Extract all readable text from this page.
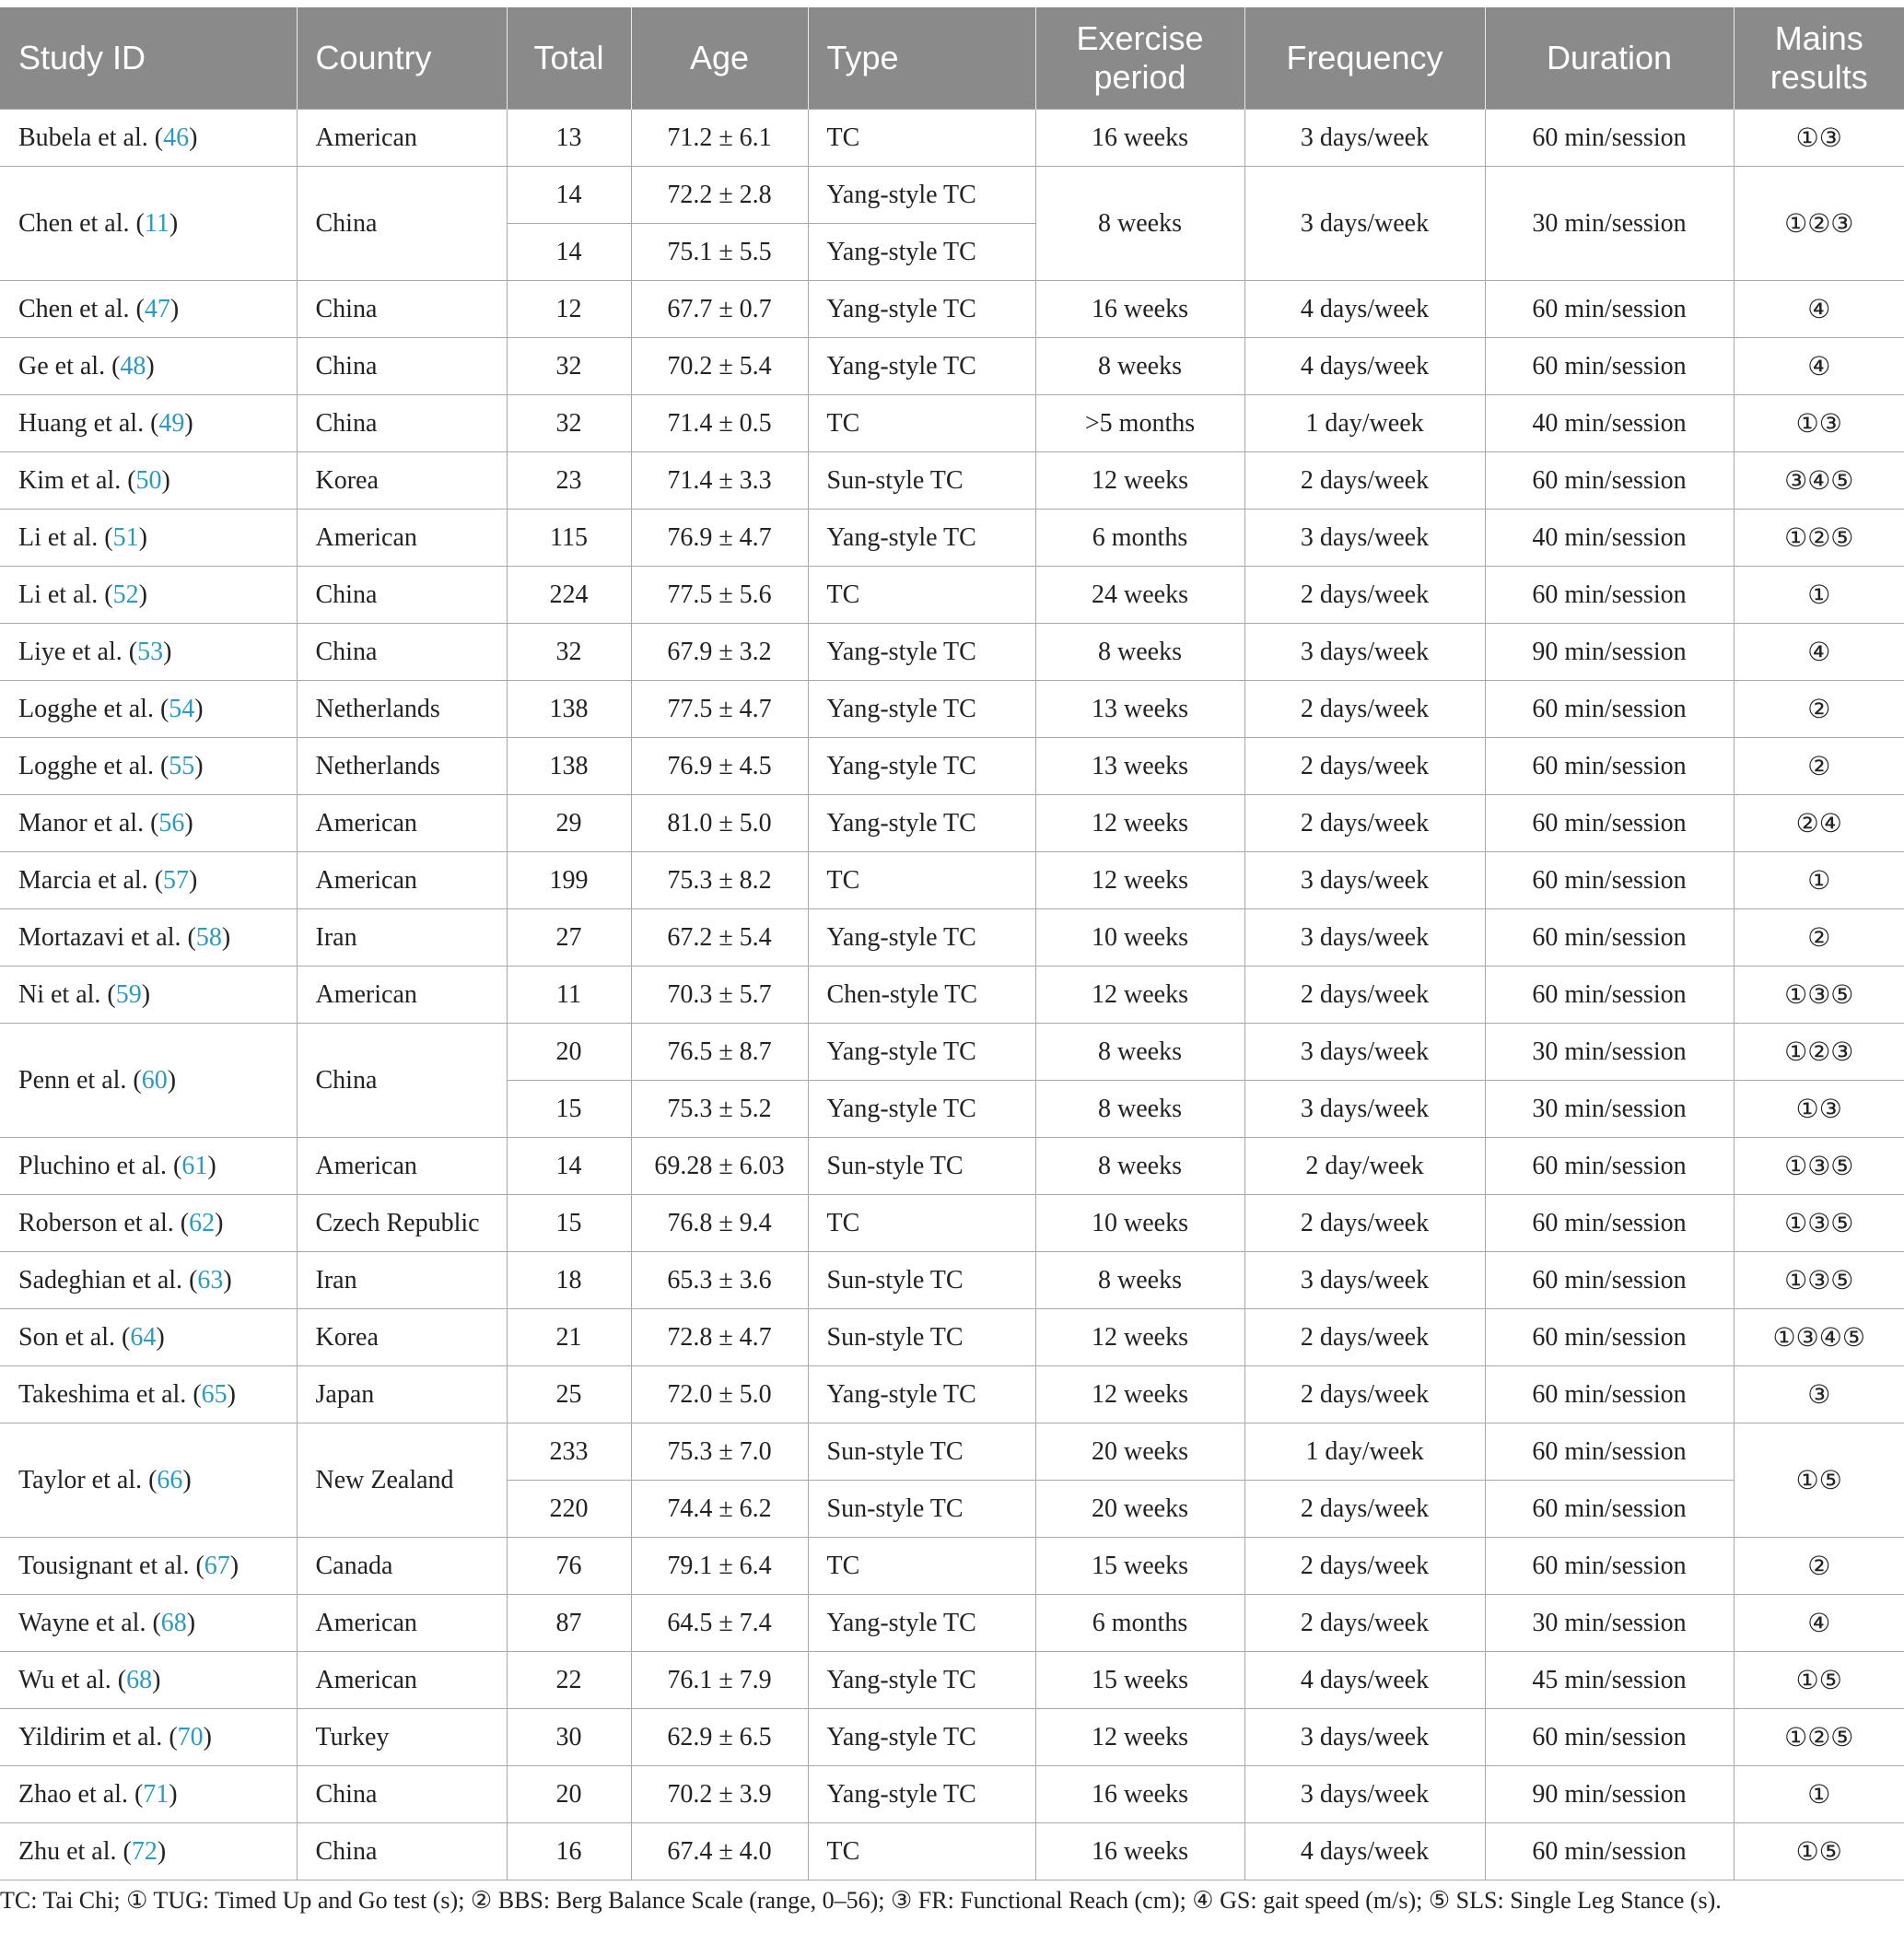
Study ID	Country	Total	Age	Type	Exercise period	Frequency	Duration	Mains results
Bubela et al. (46)	American	13	71.2 ± 6.1	TC	16 weeks	3 days/week	60 min/session	①③
Chen et al. (11)	China	14	72.2 ± 2.8	Yang-style TC	8 weeks	3 days/week	30 min/session	①②③
		14	75.1 ± 5.5	Yang-style TC				
Chen et al. (47)	China	12	67.7 ± 0.7	Yang-style TC	16 weeks	4 days/week	60 min/session	④
Ge et al. (48)	China	32	70.2 ± 5.4	Yang-style TC	8 weeks	4 days/week	60 min/session	④
Huang et al. (49)	China	32	71.4 ± 0.5	TC	>5 months	1 day/week	40 min/session	①③
Kim et al. (50)	Korea	23	71.4 ± 3.3	Sun-style TC	12 weeks	2 days/week	60 min/session	③④⑤
Li et al. (51)	American	115	76.9 ± 4.7	Yang-style TC	6 months	3 days/week	40 min/session	①②⑤
Li et al. (52)	China	224	77.5 ± 5.6	TC	24 weeks	2 days/week	60 min/session	①
Liye et al. (53)	China	32	67.9 ± 3.2	Yang-style TC	8 weeks	3 days/week	90 min/session	④
Logghe et al. (54)	Netherlands	138	77.5 ± 4.7	Yang-style TC	13 weeks	2 days/week	60 min/session	②
Logghe et al. (55)	Netherlands	138	76.9 ± 4.5	Yang-style TC	13 weeks	2 days/week	60 min/session	②
Manor et al. (56)	American	29	81.0 ± 5.0	Yang-style TC	12 weeks	2 days/week	60 min/session	②④
Marcia et al. (57)	American	199	75.3 ± 8.2	TC	12 weeks	3 days/week	60 min/session	①
Mortazavi et al. (58)	Iran	27	67.2 ± 5.4	Yang-style TC	10 weeks	3 days/week	60 min/session	②
Ni et al. (59)	American	11	70.3 ± 5.7	Chen-style TC	12 weeks	2 days/week	60 min/session	①③⑤
Penn et al. (60)	China	20	76.5 ± 8.7	Yang-style TC	8 weeks	3 days/week	30 min/session	①②③
		15	75.3 ± 5.2	Yang-style TC	8 weeks	3 days/week	30 min/session	①③
Pluchino et al. (61)	American	14	69.28 ± 6.03	Sun-style TC	8 weeks	2 day/week	60 min/session	①③⑤
Roberson et al. (62)	Czech Republic	15	76.8 ± 9.4	TC	10 weeks	2 days/week	60 min/session	①③⑤
Sadeghian et al. (63)	Iran	18	65.3 ± 3.6	Sun-style TC	8 weeks	3 days/week	60 min/session	①③⑤
Son et al. (64)	Korea	21	72.8 ± 4.7	Sun-style TC	12 weeks	2 days/week	60 min/session	①③④⑤
Takeshima et al. (65)	Japan	25	72.0 ± 5.0	Yang-style TC	12 weeks	2 days/week	60 min/session	③
Taylor et al. (66)	New Zealand	233	75.3 ± 7.0	Sun-style TC	20 weeks	1 day/week	60 min/session	①⑤
		220	74.4 ± 6.2	Sun-style TC	20 weeks	2 days/week	60 min/session	
Tousignant et al. (67)	Canada	76	79.1 ± 6.4	TC	15 weeks	2 days/week	60 min/session	②
Wayne et al. (68)	American	87	64.5 ± 7.4	Yang-style TC	6 months	2 days/week	30 min/session	④
Wu et al. (68)	American	22	76.1 ± 7.9	Yang-style TC	15 weeks	4 days/week	45 min/session	①⑤
Yildirim et al. (70)	Turkey	30	62.9 ± 6.5	Yang-style TC	12 weeks	3 days/week	60 min/session	①②⑤
Zhao et al. (71)	China	20	70.2 ± 3.9	Yang-style TC	16 weeks	3 days/week	90 min/session	①
Zhu et al. (72)	China	16	67.4 ± 4.0	TC	16 weeks	4 days/week	60 min/session	①⑤
TC: Tai Chi; ① TUG: Timed Up and Go test (s); ② BBS: Berg Balance Scale (range, 0–56); ③ FR: Functional Reach (cm); ④ GS: gait speed (m/s); ⑤ SLS: Single Leg Stance (s).
